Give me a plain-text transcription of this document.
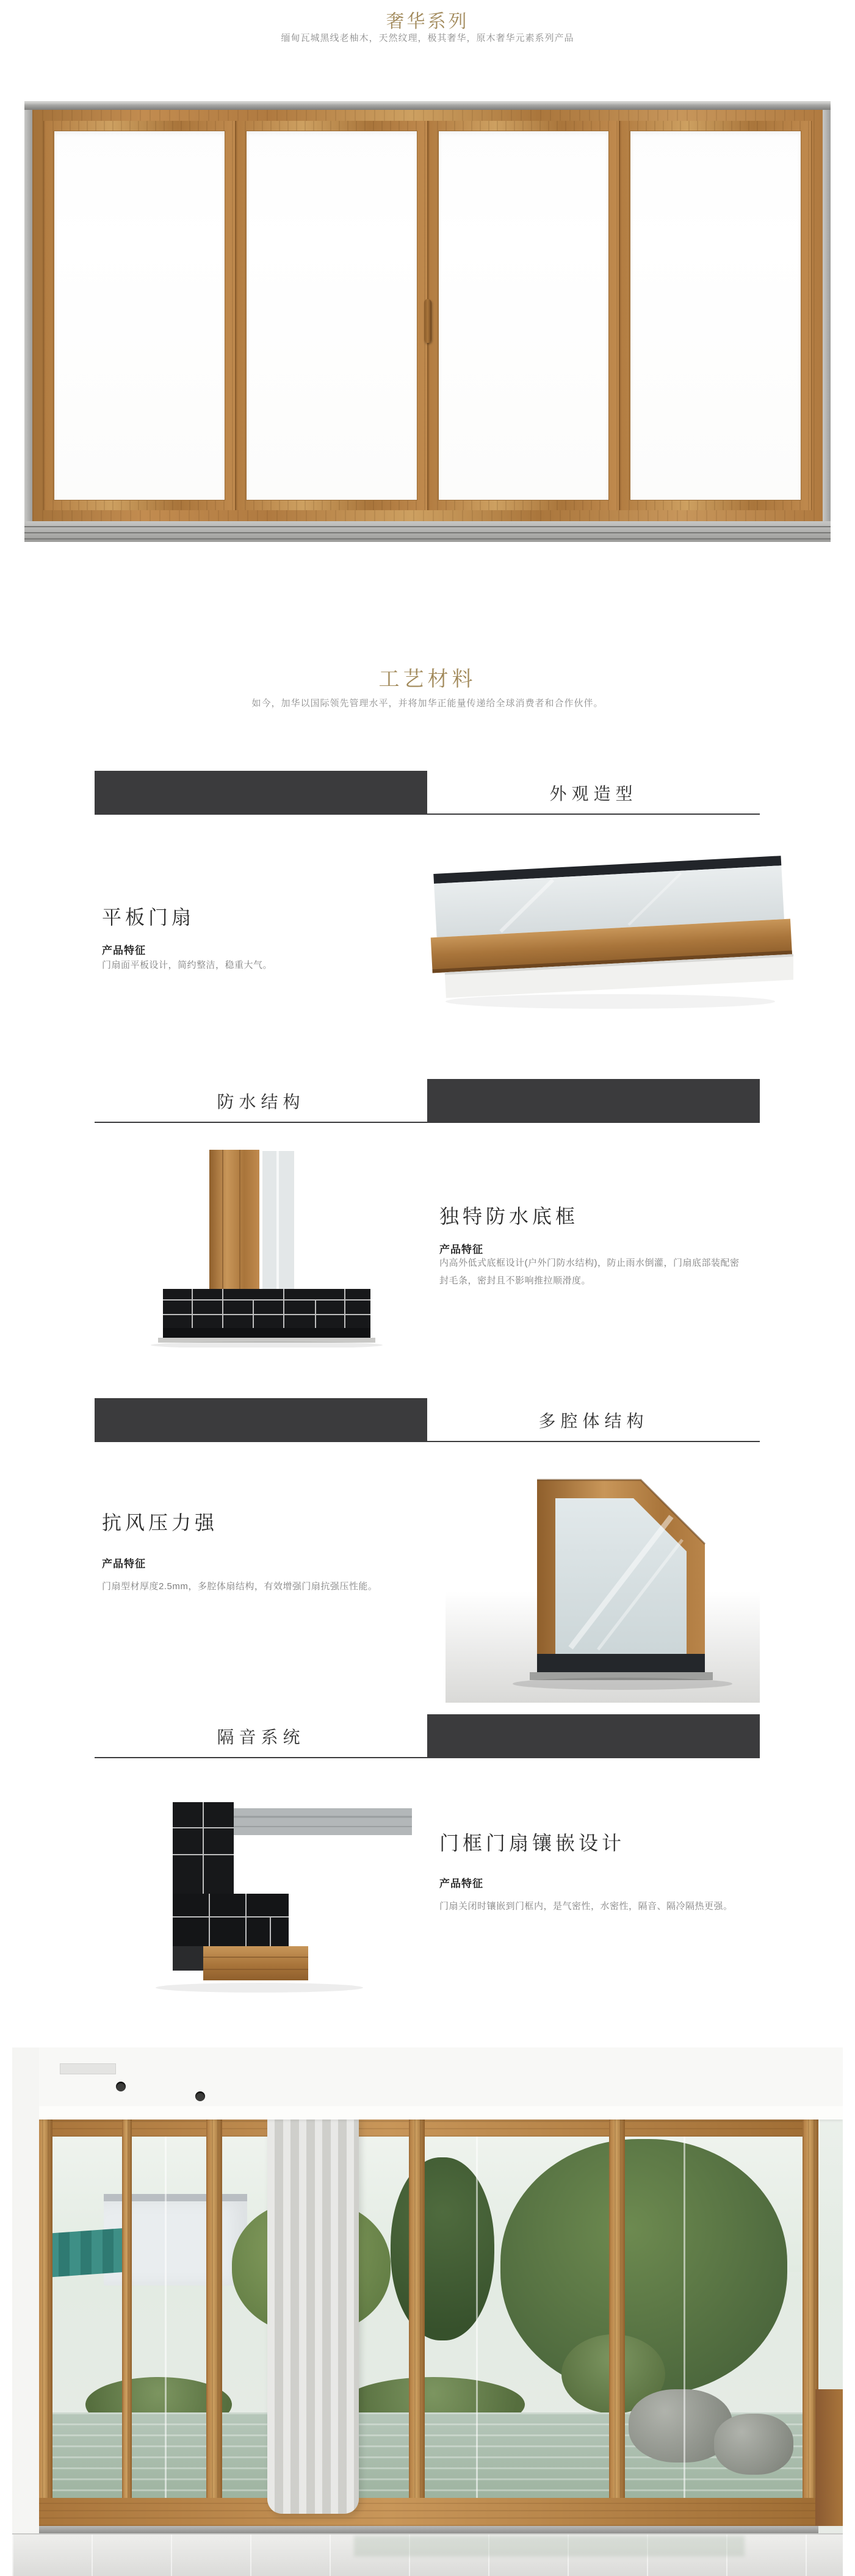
奢华系列
缅甸瓦城黑线老柚木，天然纹理，极其奢华，原木奢华元素系列产品
工艺材料
如今，加华以国际领先管理水平，并将加华正能量传递给全球消费者和合作伙伴。
外观造型
平板门扇
产品特征
门扇面平板设计，简约整洁，稳重大气。
防水结构
独特防水底框
产品特征
内高外低式底框设计(户外门防水结构)，防止雨水倒灌，门扇底部装配密封毛条，密封且不影响推拉顺滑度。
多腔体结构
抗风压力强
产品特征
门扇型材厚度2.5mm，多腔体扇结构，有效增强门扇抗强压性能。
隔音系统
门框门扇镶嵌设计
产品特征
门扇关闭时镶嵌到门框内，是气密性，水密性，隔音、隔冷隔热更强。
